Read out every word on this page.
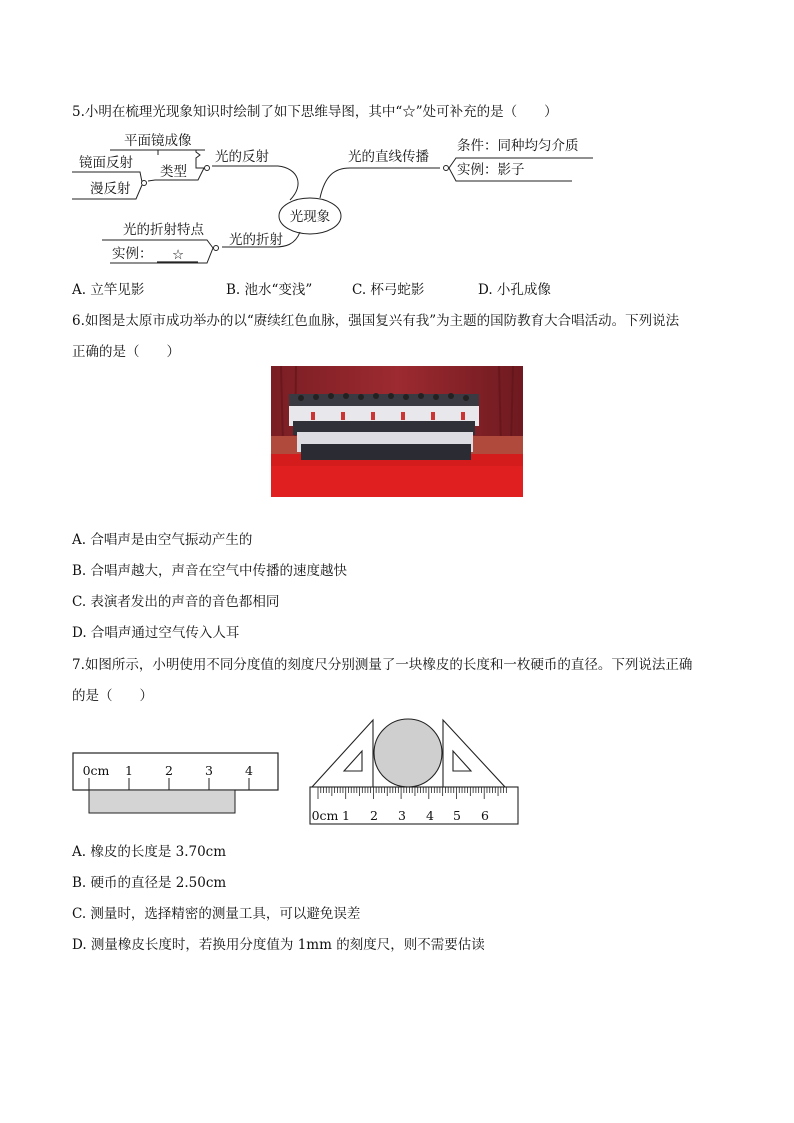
5.小明在梳理光现象知识时绘制了如下思维导图，其中“☆”处可补充的是（　　）
光现象
光的反射
类型
平面镜成像
镜面反射
漫反射
光的直线传播
条件：同种均匀介质
实例：影子
光的折射
光的折射特点
实例： ☆
A. 立竿见影	B. 池水“变浅”	C. 杯弓蛇影	D. 小孔成像
6.如图是太原市成功举办的以“赓续红色血脉，强国复兴有我”为主题的国防教育大合唱活动。下列说法
正确的是（　　）
A. 合唱声是由空气振动产生的
B. 合唱声越大，声音在空气中传播的速度越快
C. 表演者发出的声音的音色都相同
D. 合唱声通过空气传入人耳
7.如图所示，小明使用不同分度值的刻度尺分别测量了一块橡皮的长度和一枚硬币的直径。下列说法正确
的是（　　）
0cm 1	2	3	4
0cm 1 2 3 4 5 6
A. 橡皮的长度是 3.70cm
B. 硬币的直径是 2.50cm
C. 测量时，选择精密的测量工具，可以避免误差
D. 测量橡皮长度时，若换用分度值为 1mm 的刻度尺，则不需要估读
